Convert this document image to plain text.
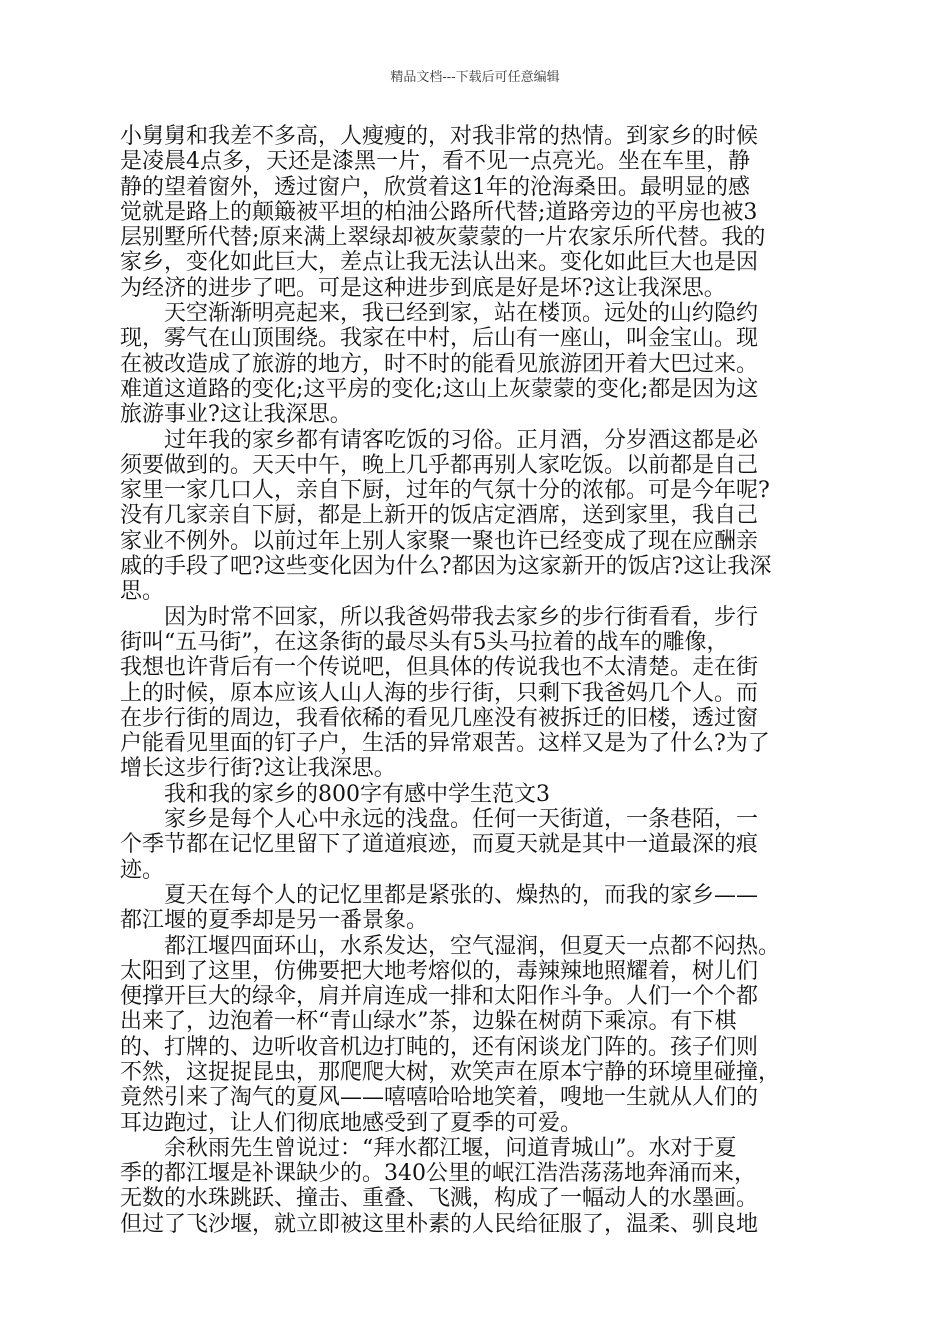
精品文档---下载后可任意编辑
小舅舅和我差不多高，人瘦瘦的，对我非常的热情。到家乡的时候
是凌晨4点多，天还是漆黑一片，看不见一点亮光。坐在车里，静
静的望着窗外，透过窗户，欣赏着这1年的沧海桑田。最明显的感
觉就是路上的颠簸被平坦的柏油公路所代替;道路旁边的平房也被3
层别墅所代替;原来满上翠绿却被灰蒙蒙的一片农家乐所代替。我的
家乡，变化如此巨大，差点让我无法认出来。变化如此巨大也是因
为经济的进步了吧。可是这种进步到底是好是坏?这让我深思。
天空渐渐明亮起来，我已经到家，站在楼顶。远处的山约隐约
现，雾气在山顶围绕。我家在中村，后山有一座山，叫金宝山。现
在被改造成了旅游的地方，时不时的能看见旅游团开着大巴过来。
难道这道路的变化;这平房的变化;这山上灰蒙蒙的变化;都是因为这
旅游事业?这让我深思。
过年我的家乡都有请客吃饭的习俗。正月酒，分岁酒这都是必
须要做到的。天天中午，晚上几乎都再别人家吃饭。以前都是自己
家里一家几口人，亲自下厨，过年的气氛十分的浓郁。可是今年呢?
没有几家亲自下厨，都是上新开的饭店定酒席，送到家里，我自己
家业不例外。以前过年上别人家聚一聚也许已经变成了现在应酬亲
戚的手段了吧?这些变化因为什么?都因为这家新开的饭店?这让我深
思。
因为时常不回家，所以我爸妈带我去家乡的步行街看看，步行
街叫“五马街”，在这条街的最尽头有5头马拉着的战车的雕像，
我想也许背后有一个传说吧，但具体的传说我也不太清楚。走在街
上的时候，原本应该人山人海的步行街，只剩下我爸妈几个人。而
在步行街的周边，我看依稀的看见几座没有被拆迁的旧楼，透过窗
户能看见里面的钉子户，生活的异常艰苦。这样又是为了什么?为了
增长这步行街?这让我深思。
我和我的家乡的800字有感中学生范文3
家乡是每个人心中永远的浅盘。任何一天街道，一条巷陌，一
个季节都在记忆里留下了道道痕迹，而夏天就是其中一道最深的痕
迹。
夏天在每个人的记忆里都是紧张的、燥热的，而我的家乡——
都江堰的夏季却是另一番景象。
都江堰四面环山，水系发达，空气湿润，但夏天一点都不闷热。
太阳到了这里，仿佛要把大地考熔似的，毒辣辣地照耀着，树儿们
便撑开巨大的绿伞，肩并肩连成一排和太阳作斗争。人们一个个都
出来了，边泡着一杯“青山绿水”茶，边躲在树荫下乘凉。有下棋
的、打牌的、边听收音机边打盹的，还有闲谈龙门阵的。孩子们则
不然，这捉捉昆虫，那爬爬大树，欢笑声在原本宁静的环境里碰撞，
竟然引来了淘气的夏风——嘻嘻哈哈地笑着，嗖地一生就从人们的
耳边跑过，让人们彻底地感受到了夏季的可爱。
余秋雨先生曾说过：“拜水都江堰，问道青城山”。水对于夏
季的都江堰是补课缺少的。340公里的岷江浩浩荡荡地奔涌而来，
无数的水珠跳跃、撞击、重叠、飞溅，构成了一幅动人的水墨画。
但过了飞沙堰，就立即被这里朴素的人民给征服了，温柔、驯良地
